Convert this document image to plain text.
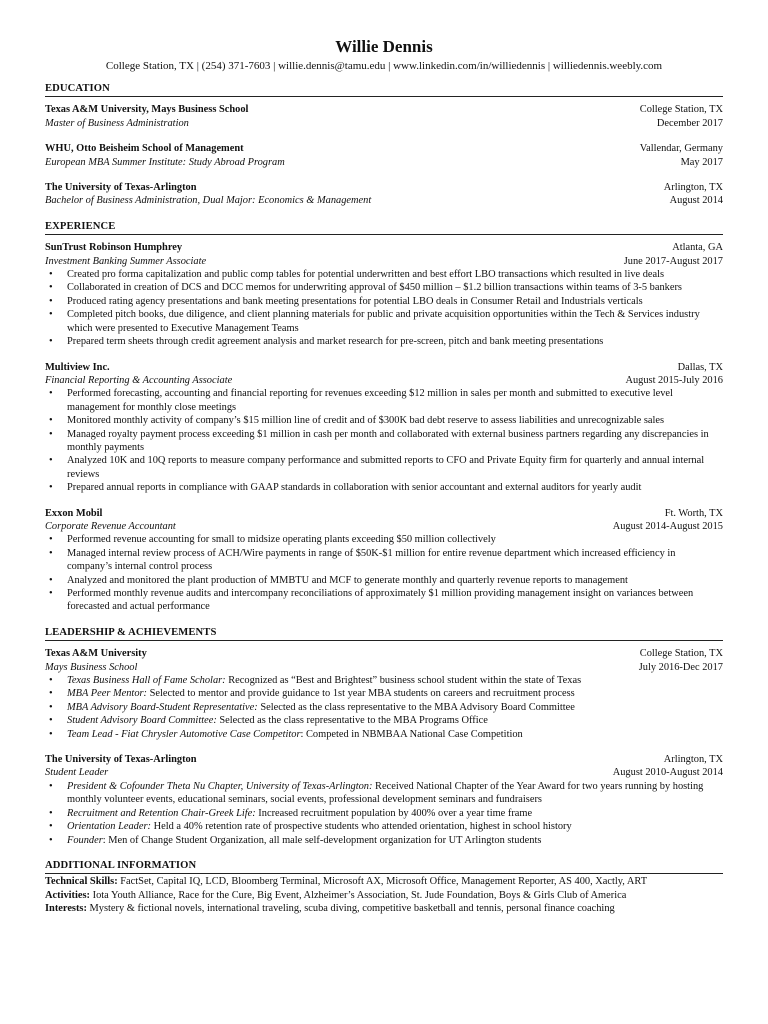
Willie Dennis
College Station, TX | (254) 371-7603 | willie.dennis@tamu.edu | www.linkedin.com/in/williedennis | williedennis.weebly.com
EDUCATION
Texas A&M University, Mays Business School	College Station, TX
Master of Business Administration	December 2017
WHU, Otto Beisheim School of Management	Vallendar, Germany
European MBA Summer Institute: Study Abroad Program	May 2017
The University of Texas-Arlington	Arlington, TX
Bachelor of Business Administration, Dual Major: Economics & Management	August 2014
EXPERIENCE
SunTrust Robinson Humphrey	Atlanta, GA
Investment Banking Summer Associate	June 2017-August 2017
• Created pro forma capitalization and public comp tables for potential underwritten and best effort LBO transactions which resulted in live deals
• Collaborated in creation of DCS and DCC memos for underwriting approval of $450 million – $1.2 billion transactions within teams of 3-5 bankers
• Produced rating agency presentations and bank meeting presentations for potential LBO deals in Consumer Retail and Industrials verticals
• Completed pitch books, due diligence, and client planning materials for public and private acquisition opportunities within the Tech & Services industry which were presented to Executive Management Teams
• Prepared term sheets through credit agreement analysis and market research for pre-screen, pitch and bank meeting presentations
Multiview Inc.	Dallas, TX
Financial Reporting & Accounting Associate	August 2015-July 2016
• Performed forecasting, accounting and financial reporting for revenues exceeding $12 million in sales per month and submitted to executive level management for monthly close meetings
• Monitored monthly activity of company’s $15 million line of credit and of $300K bad debt reserve to assess liabilities and unrecognizable sales
• Managed royalty payment process exceeding $1 million in cash per month and collaborated with external business partners regarding any discrepancies in monthly payments
• Analyzed 10K and 10Q reports to measure company performance and submitted reports to CFO and Private Equity firm for quarterly and annual internal reviews
• Prepared annual reports in compliance with GAAP standards in collaboration with senior accountant and external auditors for yearly audit
Exxon Mobil	Ft. Worth, TX
Corporate Revenue Accountant	August 2014-August 2015
• Performed revenue accounting for small to midsize operating plants exceeding $50 million collectively
• Managed internal review process of ACH/Wire payments in range of $50K-$1 million for entire revenue department which increased efficiency in company’s internal control process
• Analyzed and monitored the plant production of MMBTU and MCF to generate monthly and quarterly revenue reports to management
• Performed monthly revenue audits and intercompany reconciliations of approximately $1 million providing management insight on variances between forecasted and actual performance
LEADERSHIP & ACHIEVEMENTS
Texas A&M University	College Station, TX
Mays Business School	July 2016-Dec 2017
• Texas Business Hall of Fame Scholar: Recognized as “Best and Brightest” business school student within the state of Texas
• MBA Peer Mentor: Selected to mentor and provide guidance to 1st year MBA students on careers and recruitment process
• MBA Advisory Board-Student Representative: Selected as the class representative to the MBA Advisory Board Committee
• Student Advisory Board Committee: Selected as the class representative to the MBA Programs Office
• Team Lead - Fiat Chrysler Automotive Case Competitor: Competed in NBMBAA National Case Competition
The University of Texas-Arlington	Arlington, TX
Student Leader	August 2010-August 2014
• President & Cofounder Theta Nu Chapter, University of Texas-Arlington: Received National Chapter of the Year Award for two years running by hosting monthly volunteer events, educational seminars, social events, professional development seminars and fundraisers
• Recruitment and Retention Chair-Greek Life: Increased recruitment population by 400% over a year time frame
• Orientation Leader: Held a 40% retention rate of prospective students who attended orientation, highest in school history
• Founder: Men of Change Student Organization, all male self-development organization for UT Arlington students
ADDITIONAL INFORMATION
Technical Skills: FactSet, Capital IQ, LCD, Bloomberg Terminal, Microsoft AX, Microsoft Office, Management Reporter, AS 400, Xactly, ART
Activities: Iota Youth Alliance, Race for the Cure, Big Event, Alzheimer’s Association, St. Jude Foundation, Boys & Girls Club of America
Interests: Mystery & fictional novels, international traveling, scuba diving, competitive basketball and tennis, personal finance coaching
